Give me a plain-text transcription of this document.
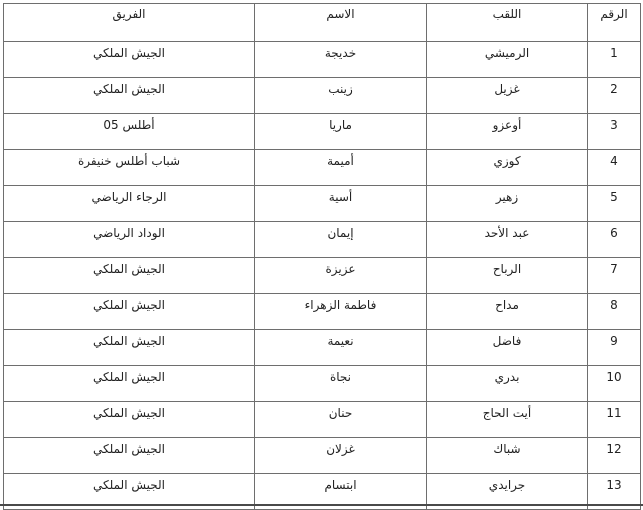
الرقم	اللقب	الاسم	الفريق
1	الرميشي	خديجة	الجيش الملكي
2	غزيل	زينب	الجيش الملكي
3	أوعزو	ماريا	أطلس 05
4	كوزي	أميمة	شباب أطلس خنيفرة
5	زهير	أسية	الرجاء الرياضي
6	عبد الأحد	إيمان	الوداد الرياضي
7	الرباح	عزيزة	الجيش الملكي
8	مداح	فاطمة الزهراء	الجيش الملكي
9	فاضل	نعيمة	الجيش الملكي
10	بدري	نجاة	الجيش الملكي
11	أيت الحاج	حنان	الجيش الملكي
12	شباك	غزلان	الجيش الملكي
13	جرايدي	ابتسام	الجيش الملكي
